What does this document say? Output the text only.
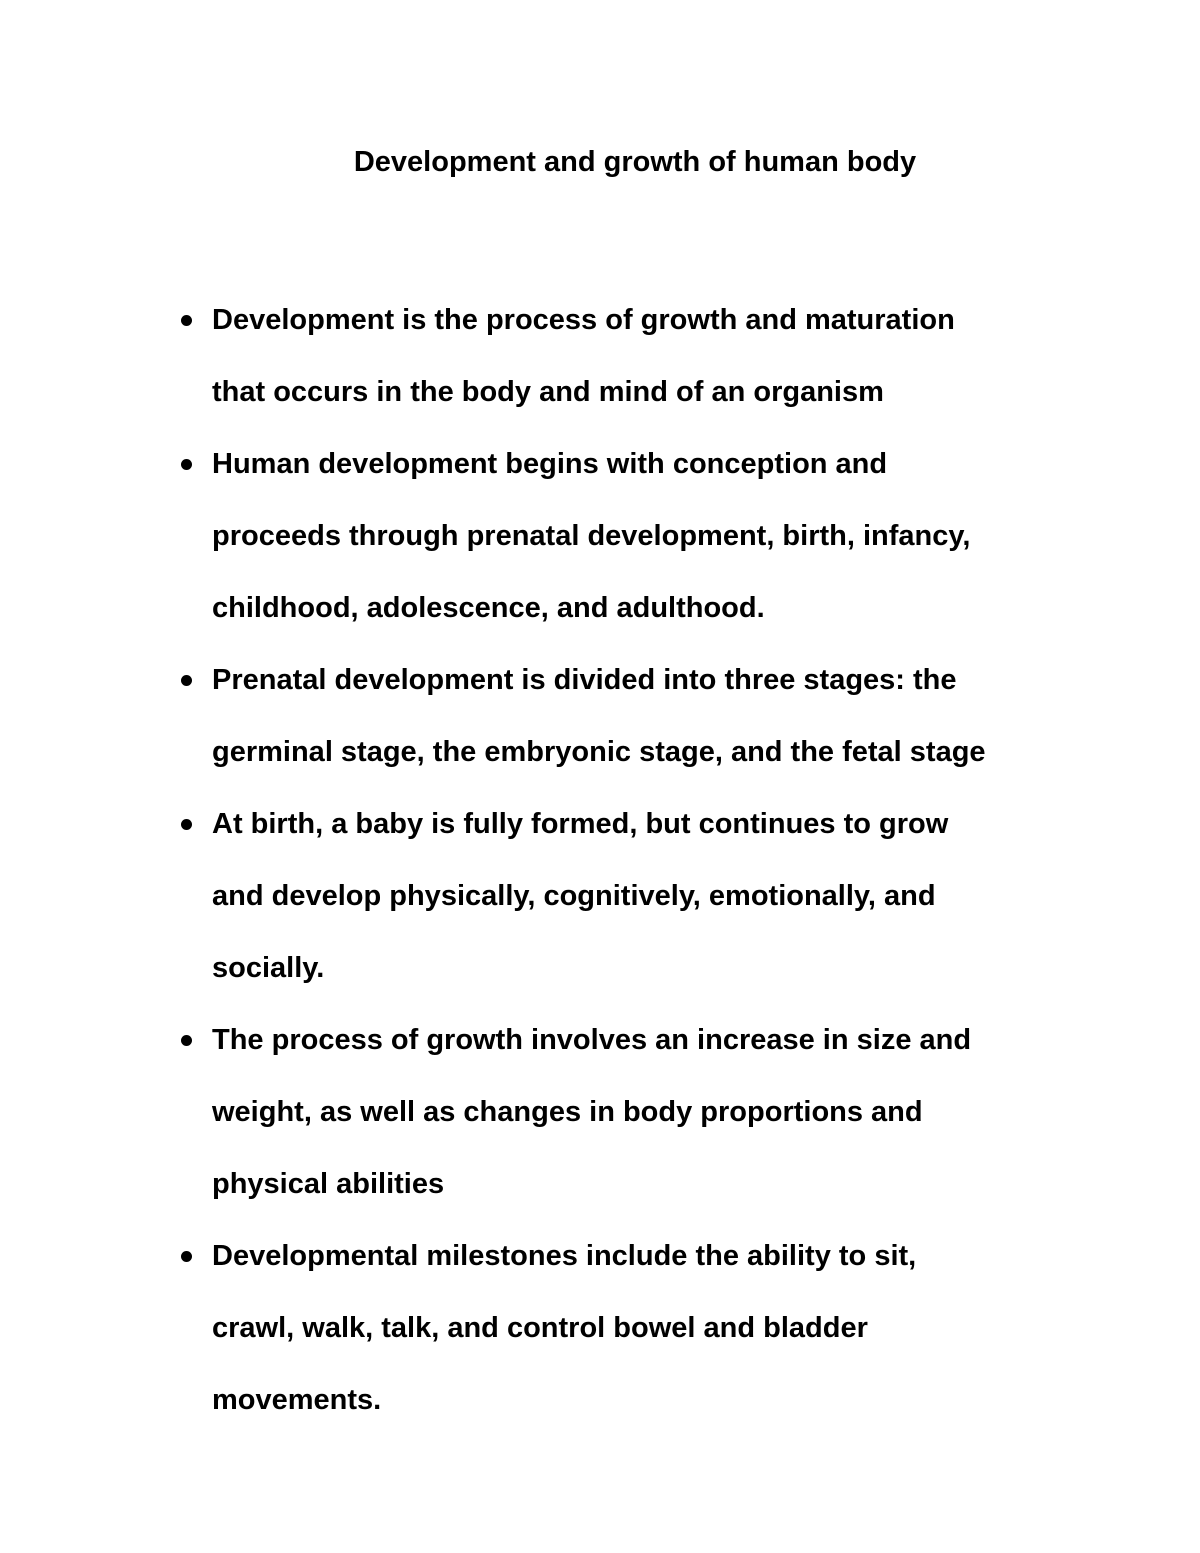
Development and growth of human body
Development is the process of growth and maturation
that occurs in the body and mind of an organism
Human development begins with conception and
proceeds through prenatal development, birth, infancy,
childhood, adolescence, and adulthood.
Prenatal development is divided into three stages: the
germinal stage, the embryonic stage, and the fetal stage
At birth, a baby is fully formed, but continues to grow
and develop physically, cognitively, emotionally, and
socially.
The process of growth involves an increase in size and
weight, as well as changes in body proportions and
physical abilities
Developmental milestones include the ability to sit,
crawl, walk, talk, and control bowel and bladder
movements.
